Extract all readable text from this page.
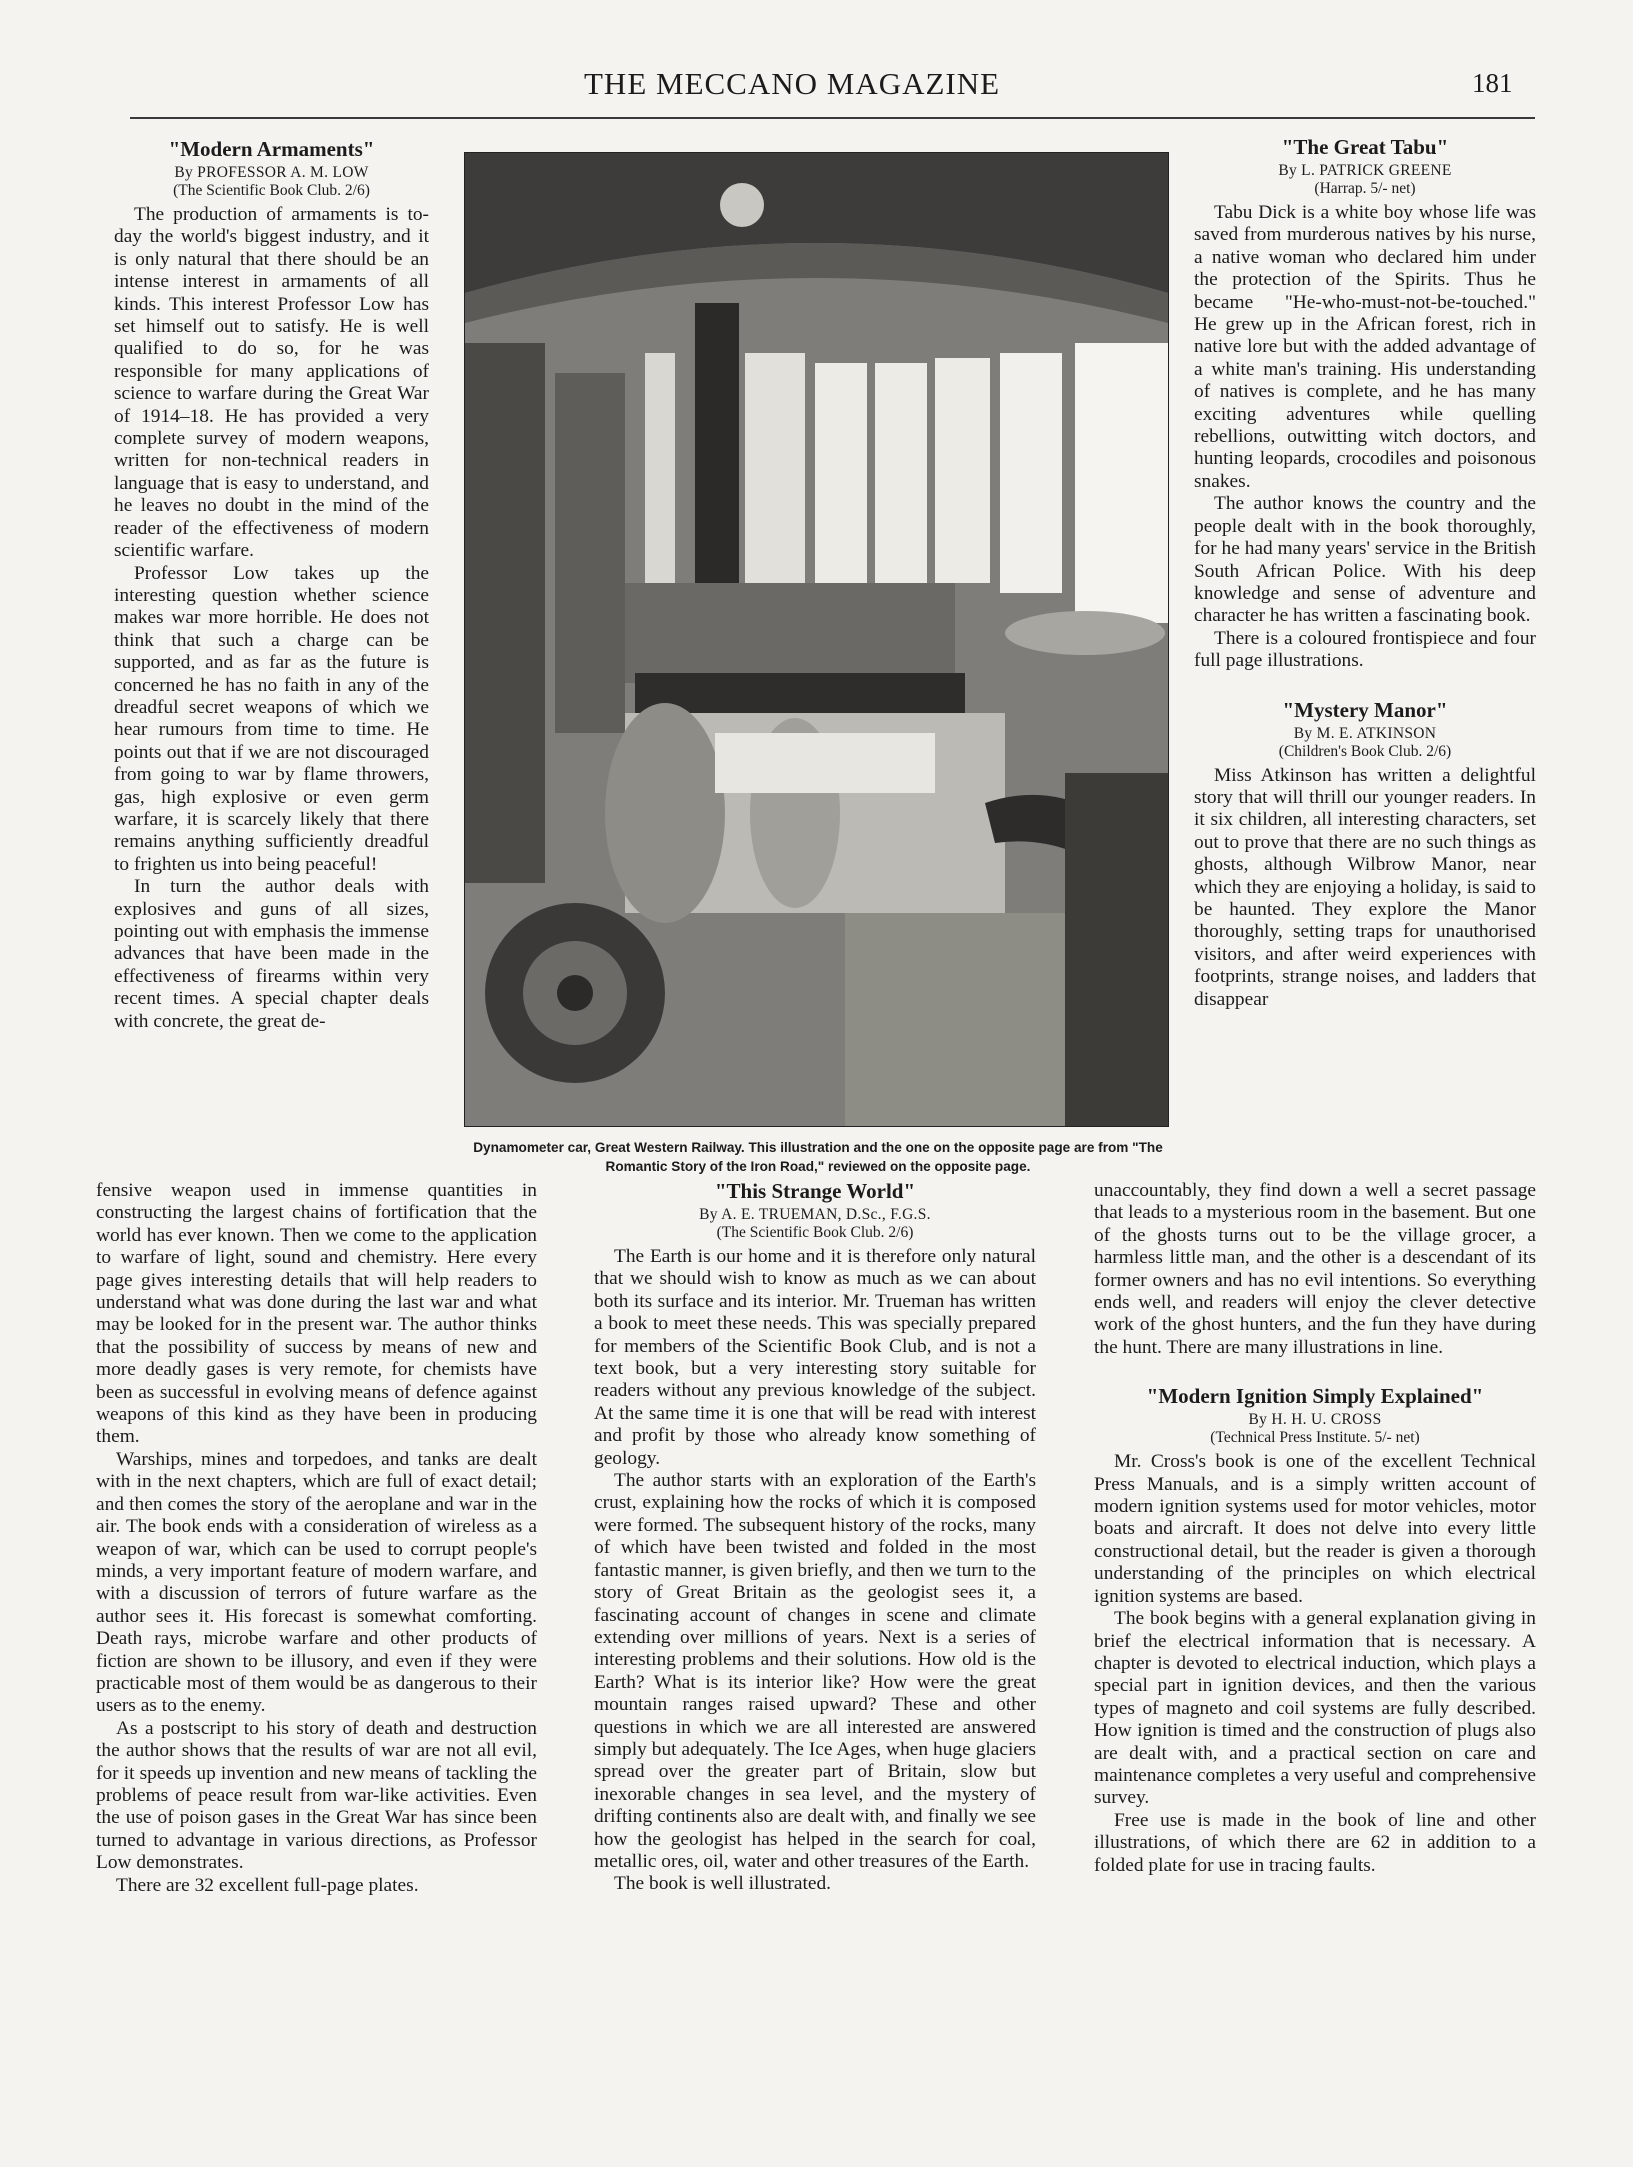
THE MECCANO MAGAZINE	181
"Modern Armaments"
By PROFESSOR A. M. LOW
(The Scientific Book Club. 2/6)

The production of armaments is to-day the world's biggest industry, and it is only natural that there should be an intense interest in armaments of all kinds. This interest Professor Low has set himself out to satisfy. He is well qualified to do so, for he was responsible for many applications of science to warfare during the Great War of 1914–18. He has provided a very complete survey of modern weapons, written for non-technical readers in language that is easy to understand, and he leaves no doubt in the mind of the reader of the effectiveness of modern scientific warfare.

Professor Low takes up the interesting question whether science makes war more horrible. He does not think that such a charge can be supported, and as far as the future is concerned he has no faith in any of the dreadful secret weapons of which we hear rumours from time to time. He points out that if we are not discouraged from going to war by flame throwers, gas, high explosive or even germ warfare, it is scarcely likely that there remains anything sufficiently dreadful to frighten us into being peaceful!

In turn the author deals with explosives and guns of all sizes, pointing out with emphasis the immense advances that have been made in the effectiveness of firearms within very recent times. A special chapter deals with concrete, the great de-

fensive weapon used in immense quantities in constructing the largest chains of fortification that the world has ever known. Then we come to the application to warfare of light, sound and chemistry. Here every page gives interesting details that will help readers to understand what was done during the last war and what may be looked for in the present war. The author thinks that the possibility of success by means of new and more deadly gases is very remote, for chemists have been as successful in evolving means of defence against weapons of this kind as they have been in producing them.

Warships, mines and torpedoes, and tanks are dealt with in the next chapters, which are full of exact detail; and then comes the story of the aeroplane and war in the air. The book ends with a consideration of wireless as a weapon of war, which can be used to corrupt people's minds, a very important feature of modern warfare, and with a discussion of terrors of future warfare as the author sees it. His forecast is somewhat comforting. Death rays, microbe warfare and other products of fiction are shown to be illusory, and even if they were practicable most of them would be as dangerous to their users as to the enemy.

As a postscript to his story of death and destruction the author shows that the results of war are not all evil, for it speeds up invention and new means of tackling the problems of peace result from war-like activities. Even the use of poison gases in the Great War has since been turned to advantage in various directions, as Professor Low demonstrates.

There are 32 excellent full-page plates.

Dynamometer car, Great Western Railway. This illustration and the one on the opposite page are from "The Romantic Story of the Iron Road," reviewed on the opposite page.
"This Strange World"
By A. E. TRUEMAN, D.Sc., F.G.S.
(The Scientific Book Club. 2/6)

The Earth is our home and it is therefore only natural that we should wish to know as much as we can about both its surface and its interior. Mr. Trueman has written a book to meet these needs. This was specially prepared for members of the Scientific Book Club, and is not a text book, but a very interesting story suitable for readers without any previous knowledge of the subject. At the same time it is one that will be read with interest and profit by those who already know something of geology.

The author starts with an exploration of the Earth's crust, explaining how the rocks of which it is composed were formed. The subsequent history of the rocks, many of which have been twisted and folded in the most fantastic manner, is given briefly, and then we turn to the story of Great Britain as the geologist sees it, a fascinating account of changes in scene and climate extending over millions of years. Next is a series of interesting problems and their solutions. How old is the Earth? What is its interior like? How were the great mountain ranges raised upward? These and other questions in which we are all interested are answered simply but adequately. The Ice Ages, when huge glaciers spread over the greater part of Britain, slow but inexorable changes in sea level, and the mystery of drifting continents also are dealt with, and finally we see how the geologist has helped in the search for coal, metallic ores, oil, water and other treasures of the Earth.

The book is well illustrated.

"The Great Tabu"
By L. PATRICK GREENE
(Harrap. 5/- net)

Tabu Dick is a white boy whose life was saved from murderous natives by his nurse, a native woman who declared him under the protection of the Spirits. Thus he became "He-who-must-not-be-touched." He grew up in the African forest, rich in native lore but with the added advantage of a white man's training. His understanding of natives is complete, and he has many exciting adventures while quelling rebellions, outwitting witch doctors, and hunting leopards, crocodiles and poisonous snakes.

The author knows the country and the people dealt with in the book thoroughly, for he had many years' service in the British South African Police. With his deep knowledge and sense of adventure and character he has written a fascinating book.

There is a coloured frontispiece and four full page illustrations.

"Mystery Manor"
By M. E. ATKINSON
(Children's Book Club. 2/6)

Miss Atkinson has written a delightful story that will thrill our younger readers. In it six children, all interesting characters, set out to prove that there are no such things as ghosts, although Wilbrow Manor, near which they are enjoying a holiday, is said to be haunted. They explore the Manor thoroughly, setting traps for unauthorised visitors, and after weird experiences with footprints, strange noises, and ladders that disappear

unaccountably, they find down a well a secret passage that leads to a mysterious room in the basement. But one of the ghosts turns out to be the village grocer, a harmless little man, and the other is a descendant of its former owners and has no evil intentions. So everything ends well, and readers will enjoy the clever detective work of the ghost hunters, and the fun they have during the hunt. There are many illustrations in line.

"Modern Ignition Simply Explained"
By H. H. U. CROSS
(Technical Press Institute. 5/- net)

Mr. Cross's book is one of the excellent Technical Press Manuals, and is a simply written account of modern ignition systems used for motor vehicles, motor boats and aircraft. It does not delve into every little constructional detail, but the reader is given a thorough understanding of the principles on which electrical ignition systems are based.

The book begins with a general explanation giving in brief the electrical information that is necessary. A chapter is devoted to electrical induction, which plays a special part in ignition devices, and then the various types of magneto and coil systems are fully described. How ignition is timed and the construction of plugs also are dealt with, and a practical section on care and maintenance completes a very useful and comprehensive survey.

Free use is made in the book of line and other illustrations, of which there are 62 in addition to a folded plate for use in tracing faults.
